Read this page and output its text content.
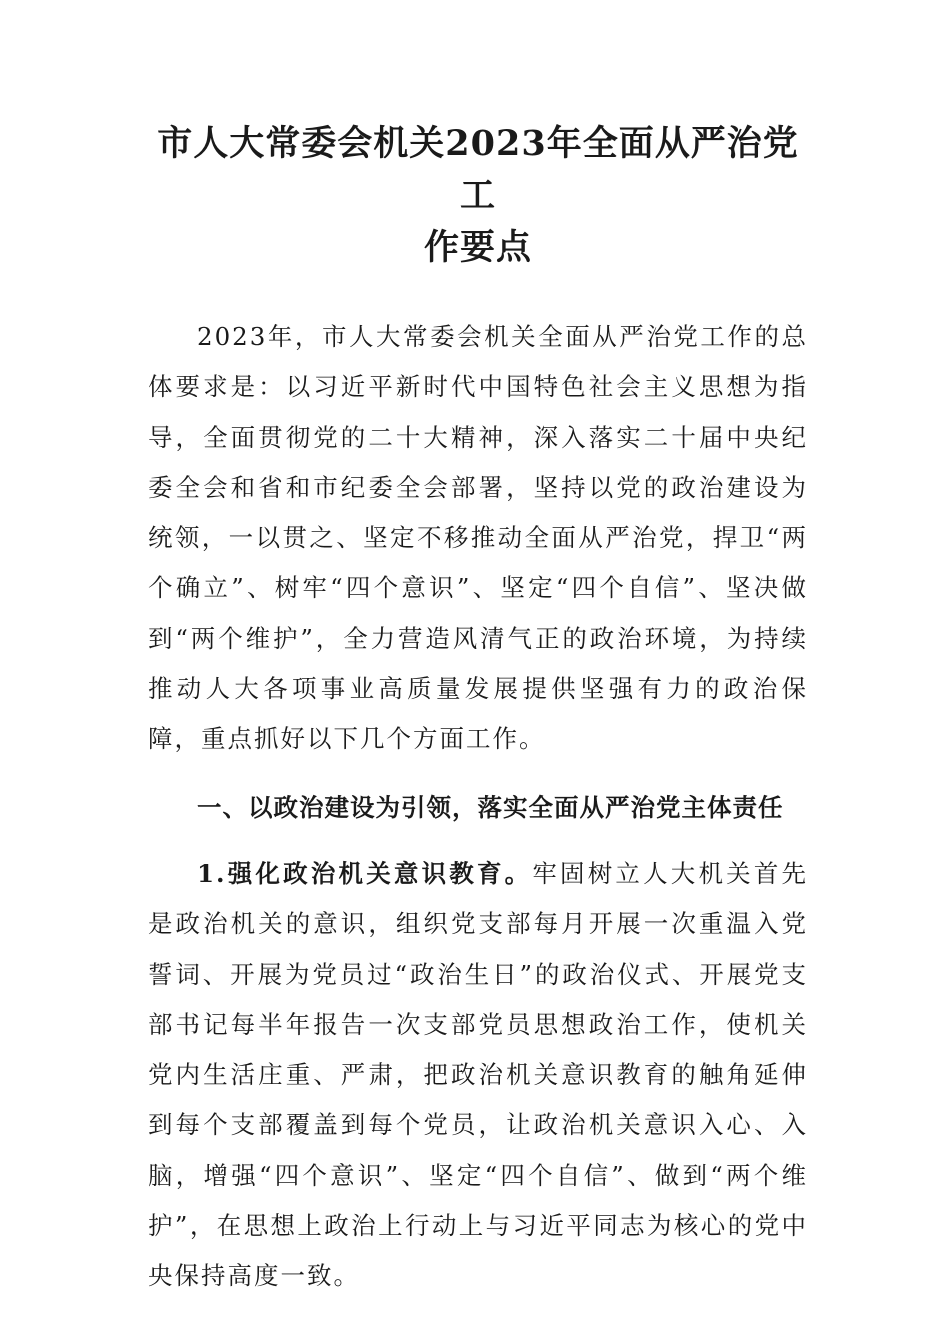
市人大常委会机关2023年全面从严治党工
作要点

2023年，市人大常委会机关全面从严治党工作的总体要求是：以习近平新时代中国特色社会主义思想为指导，全面贯彻党的二十大精神，深入落实二十届中央纪委全会和省和市纪委全会部署，坚持以党的政治建设为统领，一以贯之、坚定不移推动全面从严治党，捍卫“两个确立”、树牢“四个意识”、坚定“四个自信”、坚决做到“两个维护”，全力营造风清气正的政治环境，为持续推动人大各项事业高质量发展提供坚强有力的政治保障，重点抓好以下几个方面工作。

一、以政治建设为引领，落实全面从严治党主体责任

1.强化政治机关意识教育。牢固树立人大机关首先是政治机关的意识，组织党支部每月开展一次重温入党誓词、开展为党员过“政治生日”的政治仪式、开展党支部书记每半年报告一次支部党员思想政治工作，使机关党内生活庄重、严肃，把政治机关意识教育的触角延伸到每个支部覆盖到每个党员，让政治机关意识入心、入脑，增强“四个意识”、坚定“四个自信”、做到“两个维护”，在思想上政治上行动上与习近平同志为核心的党中央保持高度一致。
